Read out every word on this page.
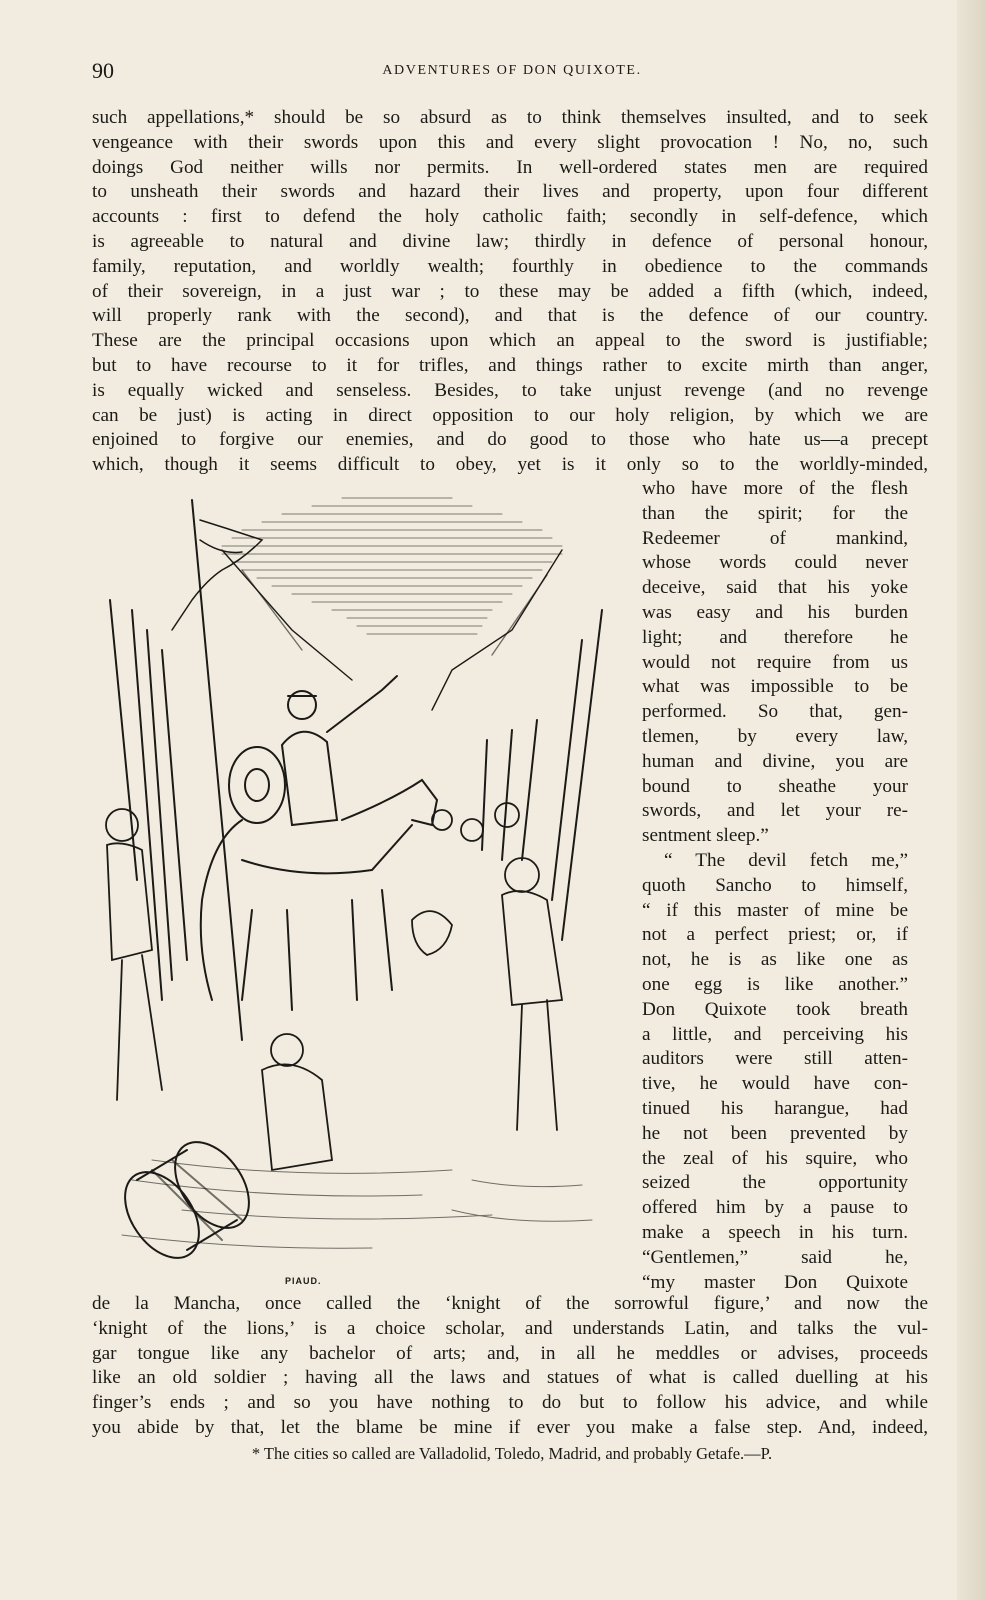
90	ADVENTURES OF DON QUIXOTE.
such appellations,* should be so absurd as to think themselves insulted, and to seek
vengeance with their swords upon this and every slight provocation ! No, no, such
doings God neither wills nor permits. In well-ordered states men are required
to unsheath their swords and hazard their lives and property, upon four different
accounts : first to defend the holy catholic faith; secondly in self-defence, which
is agreeable to natural and divine law; thirdly in defence of personal honour,
family, reputation, and worldly wealth; fourthly in obedience to the commands
of their sovereign, in a just war ; to these may be added a fifth (which, indeed,
will properly rank with the second), and that is the defence of our country.
These are the principal occasions upon which an appeal to the sword is justifiable;
but to have recourse to it for trifles, and things rather to excite mirth than anger,
is equally wicked and senseless. Besides, to take unjust revenge (and no revenge
can be just) is acting in direct opposition to our holy religion, by which we are
enjoined to forgive our enemies, and do good to those who hate us—a precept
which, though it seems difficult to obey, yet is it only so to the worldly-minded,
who have more of the flesh
than the spirit; for the
Redeemer of mankind,
whose words could never
deceive, said that his yoke
was easy and his burden
light; and therefore he
would not require from us
what was impossible to be
performed. So that, gen-
tlemen, by every law,
human and divine, you are
bound to sheathe your
swords, and let your re-
sentment sleep.”
“ The devil fetch me,”
quoth Sancho to himself,
“ if this master of mine be
not a perfect priest; or, if
not, he is as like one as
one egg is like another.”
Don Quixote took breath
a little, and perceiving his
auditors were still atten-
tive, he would have con-
tinued his harangue, had
he not been prevented by
the zeal of his squire, who
seized the opportunity
offered him by a pause to
make a speech in his turn.
“Gentlemen,” said he,
“my master Don Quixote
PIAUD.
de la Mancha, once called the ‘knight of the sorrowful figure,’ and now the
‘knight of the lions,’ is a choice scholar, and understands Latin, and talks the vul-
gar tongue like any bachelor of arts; and, in all he meddles or advises, proceeds
like an old soldier ; having all the laws and statues of what is called duelling at his
finger’s ends ; and so you have nothing to do but to follow his advice, and while
you abide by that, let the blame be mine if ever you make a false step. And, indeed,
* The cities so called are Valladolid, Toledo, Madrid, and probably Getafe.—P.
